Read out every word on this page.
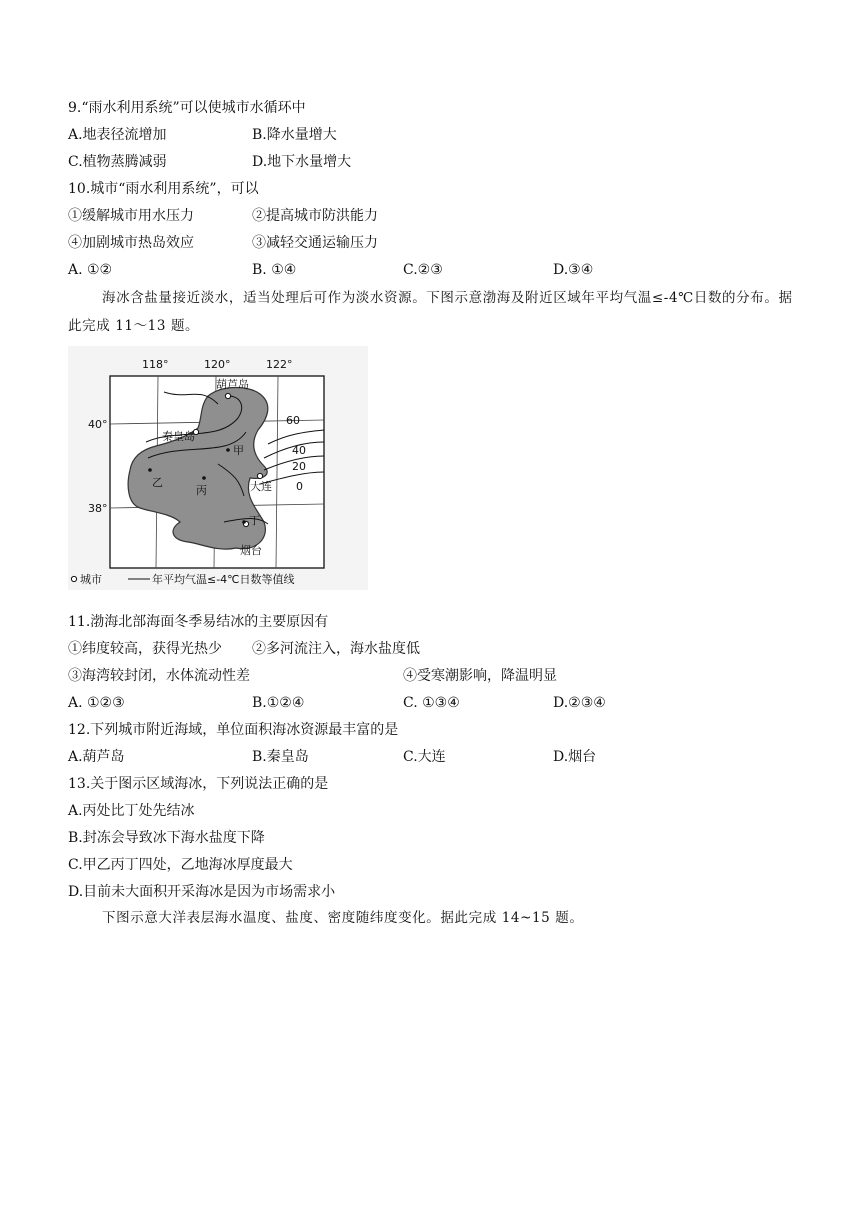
9.“雨水利用系统”可以使城市水循环中
A.地表径流增加	B.降水量增大
C.植物蒸腾减弱	D.地下水量增大
10.城市“雨水利用系统”，可以
①缓解城市用水压力	②提高城市防洪能力
④加剧城市热岛效应	③减轻交通运输压力
A. ①②	B. ①④	C.②③	D.③④
海冰含盐量接近淡水，适当处理后可作为淡水资源。下图示意渤海及附近区域年平均气温≤-4℃日数的分布。据此完成 11～13 题。
118°	120°	122°
40°
38°
葫芦岛
秦皇岛
大连
烟台
甲
乙
丙
丁
60
40
20
0
城市	年平均气温≤-4℃日数等值线
11.渤海北部海面冬季易结冰的主要原因有
①纬度较高，获得光热少 ②多河流注入，海水盐度低
③海湾较封闭，水体流动性差	④受寒潮影响，降温明显
A. ①②③	B.①②④	C. ①③④	D.②③④
12.下列城市附近海域，单位面积海冰资源最丰富的是
A.葫芦岛	B.秦皇岛	C.大连	D.烟台
13.关于图示区域海冰，下列说法正确的是
A.丙处比丁处先结冰
B.封冻会导致冰下海水盐度下降
C.甲乙丙丁四处，乙地海冰厚度最大
D.目前未大面积开采海冰是因为市场需求小
下图示意大洋表层海水温度、盐度、密度随纬度变化。据此完成 14~15 题。
